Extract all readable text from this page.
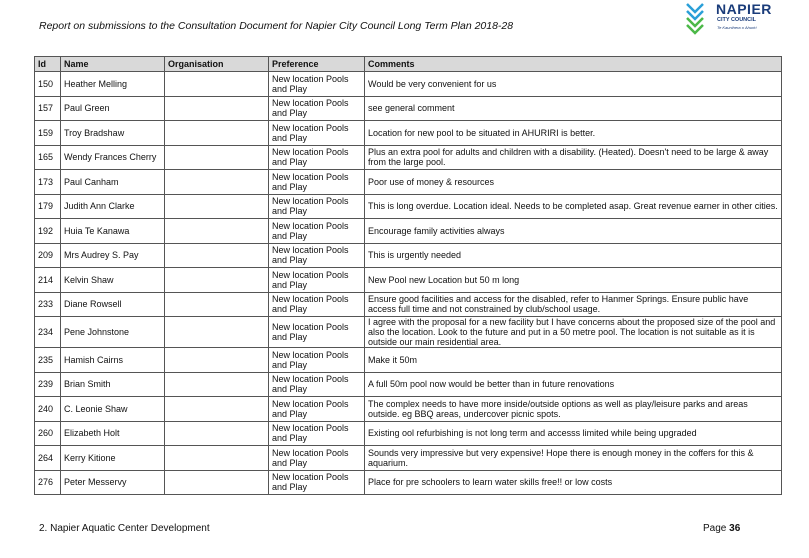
Report on submissions to the Consultation Document for Napier City Council Long Term Plan 2018-28
NAPIER
CITY COUNCIL
Te Kaunihera o Ahuriri
Id	Name	Organisation	Preference	Comments
150	Heather Melling		New location Pools and Play	Would be very convenient for us
157	Paul Green		New location Pools and Play	see general comment
159	Troy Bradshaw		New location Pools and Play	Location for new pool to be situated in AHURIRI is better.
165	Wendy Frances Cherry		New location Pools and Play	Plus an extra pool for adults and children with a disability. (Heated). Doesn't need to be large & away from the large pool.
173	Paul Canham		New location Pools and Play	Poor use of money & resources
179	Judith Ann Clarke		New location Pools and Play	This is long overdue. Location ideal. Needs to be completed asap. Great revenue earner in other cities.
192	Huia Te Kanawa		New location Pools and Play	Encourage family activities always
209	Mrs Audrey S. Pay		New location Pools and Play	This is urgently needed
214	Kelvin Shaw		New location Pools and Play	New Pool new Location but 50 m long
233	Diane Rowsell		New location Pools and Play	Ensure good facilities and access for the disabled, refer to Hanmer Springs. Ensure public have access full time and not constrained by club/school usage.
234	Pene Johnstone		New location Pools and Play	I agree with the proposal for a new facility but I have concerns about the proposed size of the pool and also the location. Look to the future and put in a 50 metre pool. The location is not suitable as it is outside our main residential area.
235	Hamish Cairns		New location Pools and Play	Make it 50m
239	Brian Smith		New location Pools and Play	A full 50m pool now would be better than in future renovations
240	C. Leonie Shaw		New location Pools and Play	The complex needs to have more inside/outside options as well as play/leisure parks and areas outside. eg BBQ areas, undercover picnic spots.
260	Elizabeth Holt		New location Pools and Play	Existing ool refurbishing is not long term and accesss limited while being upgraded
264	Kerry Kitione		New location Pools and Play	Sounds very impressive but very expensive! Hope there is enough money in the coffers for this & aquarium.
276	Peter Messervy		New location Pools and Play	Place for pre schoolers to learn water skills free!! or low costs
2. Napier Aquatic Center Development	Page 36
